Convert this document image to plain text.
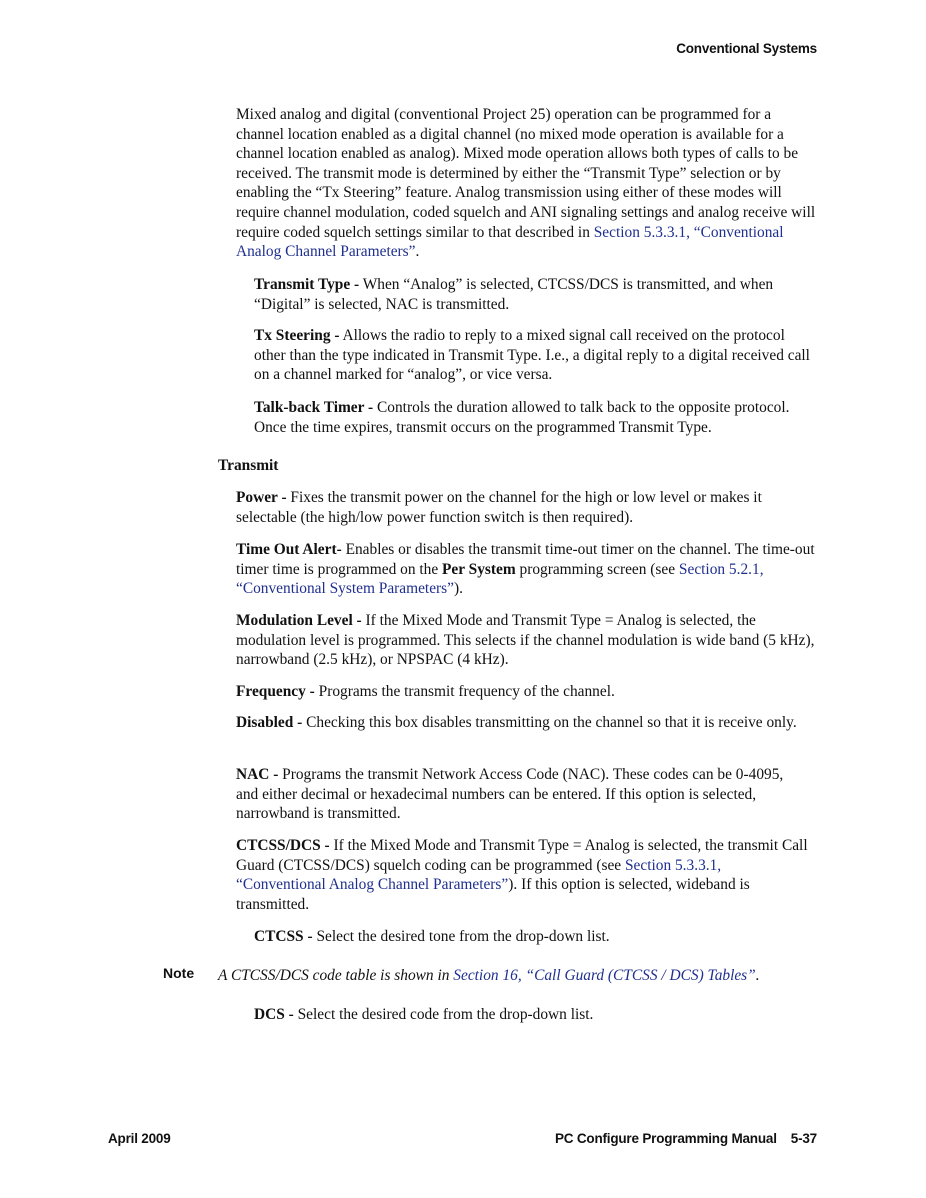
Conventional Systems

Mixed analog and digital (conventional Project 25) operation can be programmed for a channel location enabled as a digital channel (no mixed mode operation is available for a channel location enabled as analog). Mixed mode operation allows both types of calls to be received. The transmit mode is determined by either the “Transmit Type” selection or by enabling the “Tx Steering” feature. Analog transmission using either of these modes will require channel modulation, coded squelch and ANI signaling settings and analog receive will require coded squelch settings similar to that described in Section 5.3.3.1, “Conventional Analog Channel Parameters”.

Transmit Type - When “Analog” is selected, CTCSS/DCS is transmitted, and when “Digital” is selected, NAC is transmitted.

Tx Steering - Allows the radio to reply to a mixed signal call received on the protocol other than the type indicated in Transmit Type. I.e., a digital reply to a digital received call on a channel marked for “analog”, or vice versa.

Talk-back Timer - Controls the duration allowed to talk back to the opposite protocol. Once the time expires, transmit occurs on the programmed Transmit Type.

Transmit

Power - Fixes the transmit power on the channel for the high or low level or makes it selectable (the high/low power function switch is then required).

Time Out Alert- Enables or disables the transmit time-out timer on the channel. The time-out timer time is programmed on the Per System programming screen (see Section 5.2.1, “Conventional System Parameters”).

Modulation Level - If the Mixed Mode and Transmit Type = Analog is selected, the modulation level is programmed. This selects if the channel modulation is wide band (5 kHz), narrowband (2.5 kHz), or NPSPAC (4 kHz).

Frequency - Programs the transmit frequency of the channel.

Disabled - Checking this box disables transmitting on the channel so that it is receive only.

NAC - Programs the transmit Network Access Code (NAC). These codes can be 0-4095, and either decimal or hexadecimal numbers can be entered. If this option is selected, narrowband is transmitted.

CTCSS/DCS - If the Mixed Mode and Transmit Type = Analog is selected, the transmit Call Guard (CTCSS/DCS) squelch coding can be programmed (see Section 5.3.3.1, “Conventional Analog Channel Parameters”). If this option is selected, wideband is transmitted.

CTCSS - Select the desired tone from the drop-down list.

Note A CTCSS/DCS code table is shown in Section 16, “Call Guard (CTCSS / DCS) Tables”.

DCS - Select the desired code from the drop-down list.

April 2009	PC Configure Programming Manual 5-37
